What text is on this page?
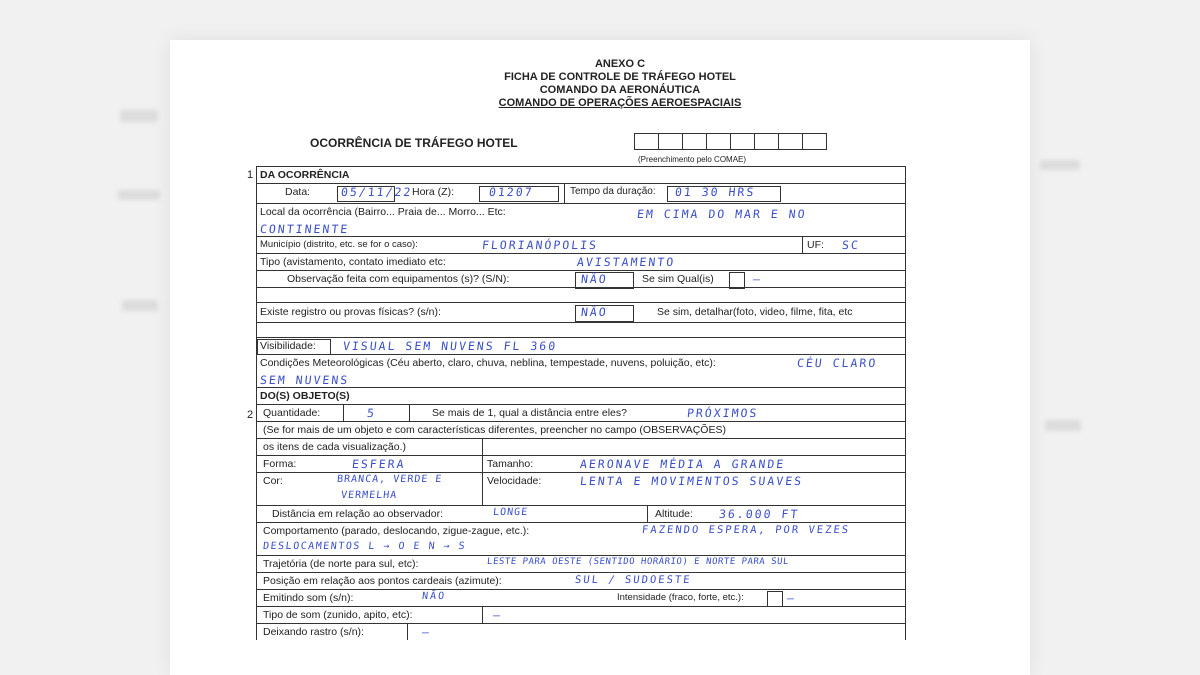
ANEXO C
FICHA DE CONTROLE DE TRÁFEGO HOTEL
COMANDO DA AERONÁUTICA
COMANDO DE OPERAÇÕES AEROESPACIAIS
OCORRÊNCIA DE TRÁFEGO HOTEL
(Preenchimento pelo COMAE)
1
2
DA OCORRÊNCIA
Data:	05/11/22
Hora (Z):	01207	Tempo da duração: 01 30 HRS
Local da ocorrência (Bairro... Praia de... Morro... Etc:	EM CIMA DO MAR E NO
CONTINENTE
Município (distrito, etc. se for o caso):	FLORIANÓPOLIS	UF: SC
Tipo (avistamento, contato imediato etc:	AVISTAMENTO
Observação feita com equipamentos (s)? (S/N):	NÃO	Se sim Qual(is)	—
Existe registro ou provas físicas? (s/n):	NÃO	Se sim, detalhar(foto, video, filme, fita, etc
Visibilidade: VISUAL SEM NUVENS FL 360
Condições Meteorológicas (Céu aberto, claro, chuva, neblina, tempestade, nuvens, poluição, etc):	CÉU CLARO
SEM NUVENS
DO(S) OBJETO(S)
Quantidade:	5	Se mais de 1, qual a distância entre eles?	PRÓXIMOS
(Se for mais de um objeto e com características diferentes, preencher no campo (OBSERVAÇÕES)
os itens de cada visualização.)
Forma:	ESFERA	Tamanho:	AERONAVE MÉDIA A GRANDE
Cor:	BRANCA, VERDE E	Velocidade:	LENTA E MOVIMENTOS SUAVES
VERMELHA
Distância em relação ao observador:	LONGE	Altitude: 36.000 FT
Comportamento (parado, deslocando, zigue-zague, etc.):	FAZENDO ESPERA, POR VEZES
DESLOCAMENTOS L → O E N → S
Trajetória (de norte para sul, etc):	LESTE PARA OESTE (SENTIDO HORÁRIO) E NORTE PARA SUL
Posição em relação aos pontos cardeais (azimute):	SUL / SUDOESTE
Emitindo som (s/n):	NÃO	Intensidade (fraco, forte, etc.):	—
Tipo de som (zunido, apito, etc):	—
Deixando rastro (s/n):	—
